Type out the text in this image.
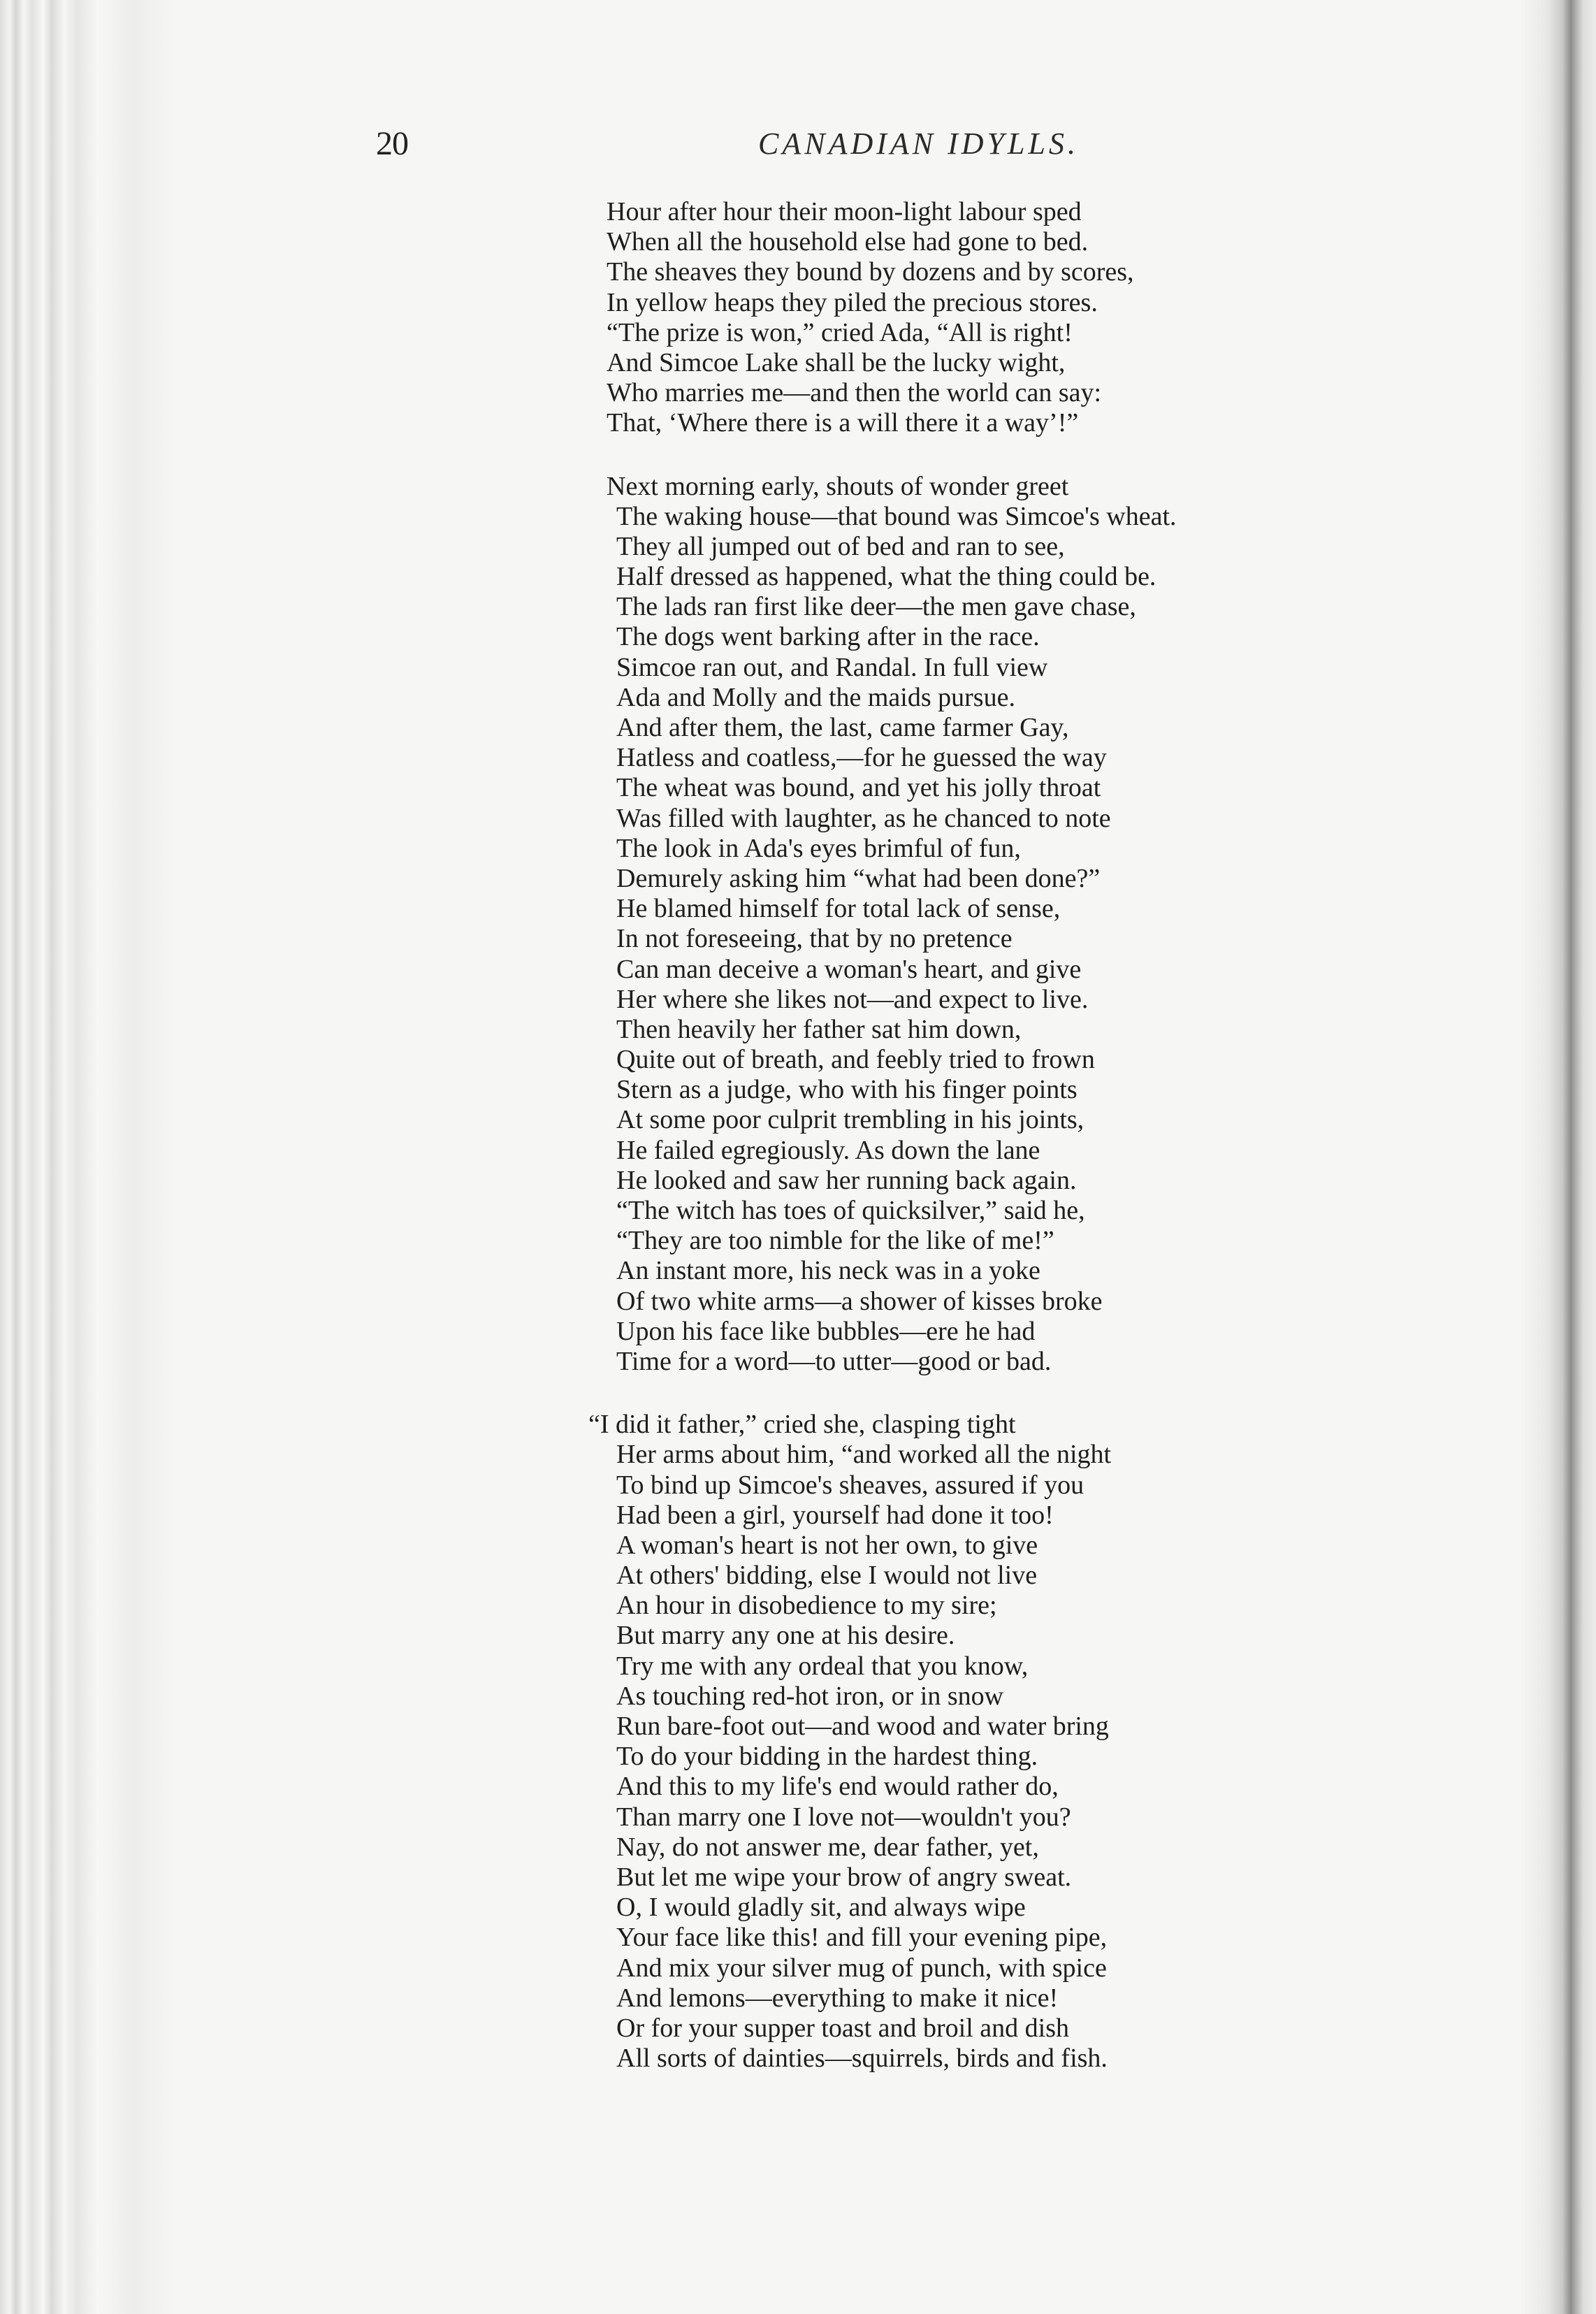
20	CANADIAN IDYLLS.
Hour after hour their moon-light labour sped
When all the household else had gone to bed.
The sheaves they bound by dozens and by scores,
In yellow heaps they piled the precious stores.
“The prize is won,” cried Ada, “All is right!
And Simcoe Lake shall be the lucky wight,
Who marries me—and then the world can say:
That, ‘Where there is a will there it a way’!”
Next morning early, shouts of wonder greet
The waking house—that bound was Simcoe's wheat.
They all jumped out of bed and ran to see,
Half dressed as happened, what the thing could be.
The lads ran first like deer—the men gave chase,
The dogs went barking after in the race.
Simcoe ran out, and Randal. In full view
Ada and Molly and the maids pursue.
And after them, the last, came farmer Gay,
Hatless and coatless,—for he guessed the way
The wheat was bound, and yet his jolly throat
Was filled with laughter, as he chanced to note
The look in Ada's eyes brimful of fun,
Demurely asking him “what had been done?”
He blamed himself for total lack of sense,
In not foreseeing, that by no pretence
Can man deceive a woman's heart, and give
Her where she likes not—and expect to live.
Then heavily her father sat him down,
Quite out of breath, and feebly tried to frown
Stern as a judge, who with his finger points
At some poor culprit trembling in his joints,
He failed egregiously. As down the lane
He looked and saw her running back again.
“The witch has toes of quicksilver,” said he,
“They are too nimble for the like of me!”
An instant more, his neck was in a yoke
Of two white arms—a shower of kisses broke
Upon his face like bubbles—ere he had
Time for a word—to utter—good or bad.
“I did it father,” cried she, clasping tight
Her arms about him, “and worked all the night
To bind up Simcoe's sheaves, assured if you
Had been a girl, yourself had done it too!
A woman's heart is not her own, to give
At others' bidding, else I would not live
An hour in disobedience to my sire;
But marry any one at his desire.
Try me with any ordeal that you know,
As touching red-hot iron, or in snow
Run bare-foot out—and wood and water bring
To do your bidding in the hardest thing.
And this to my life's end would rather do,
Than marry one I love not—wouldn't you?
Nay, do not answer me, dear father, yet,
But let me wipe your brow of angry sweat.
O, I would gladly sit, and always wipe
Your face like this! and fill your evening pipe,
And mix your silver mug of punch, with spice
And lemons—everything to make it nice!
Or for your supper toast and broil and dish
All sorts of dainties—squirrels, birds and fish.
